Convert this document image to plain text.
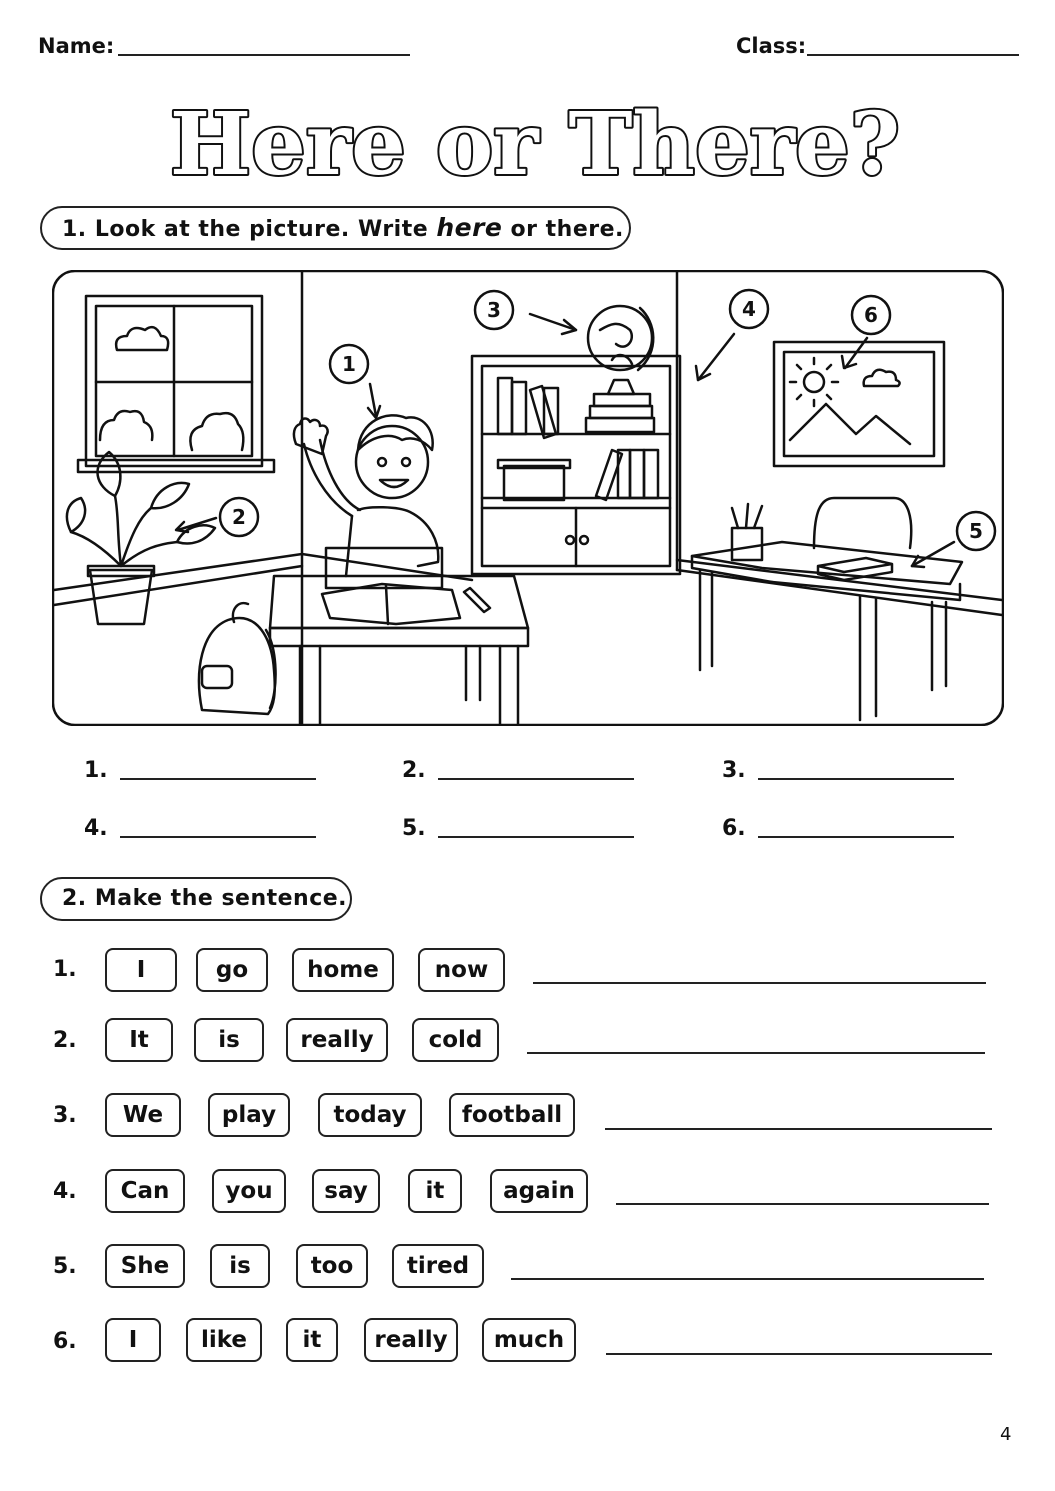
Name:	Class:
Here or There?
1. Look at the picture. Write here or there.
1
2
3	4
5
6
1.	2.	3.
4.	5.	6.
2. Make the sentence.
1.	I	go	home	now
2.	It	is	really	cold
3.	We	play	today	football
4.	Can	you	say	it	again
5.	She	is	too	tired
6.	I	like	it	really	much
4
